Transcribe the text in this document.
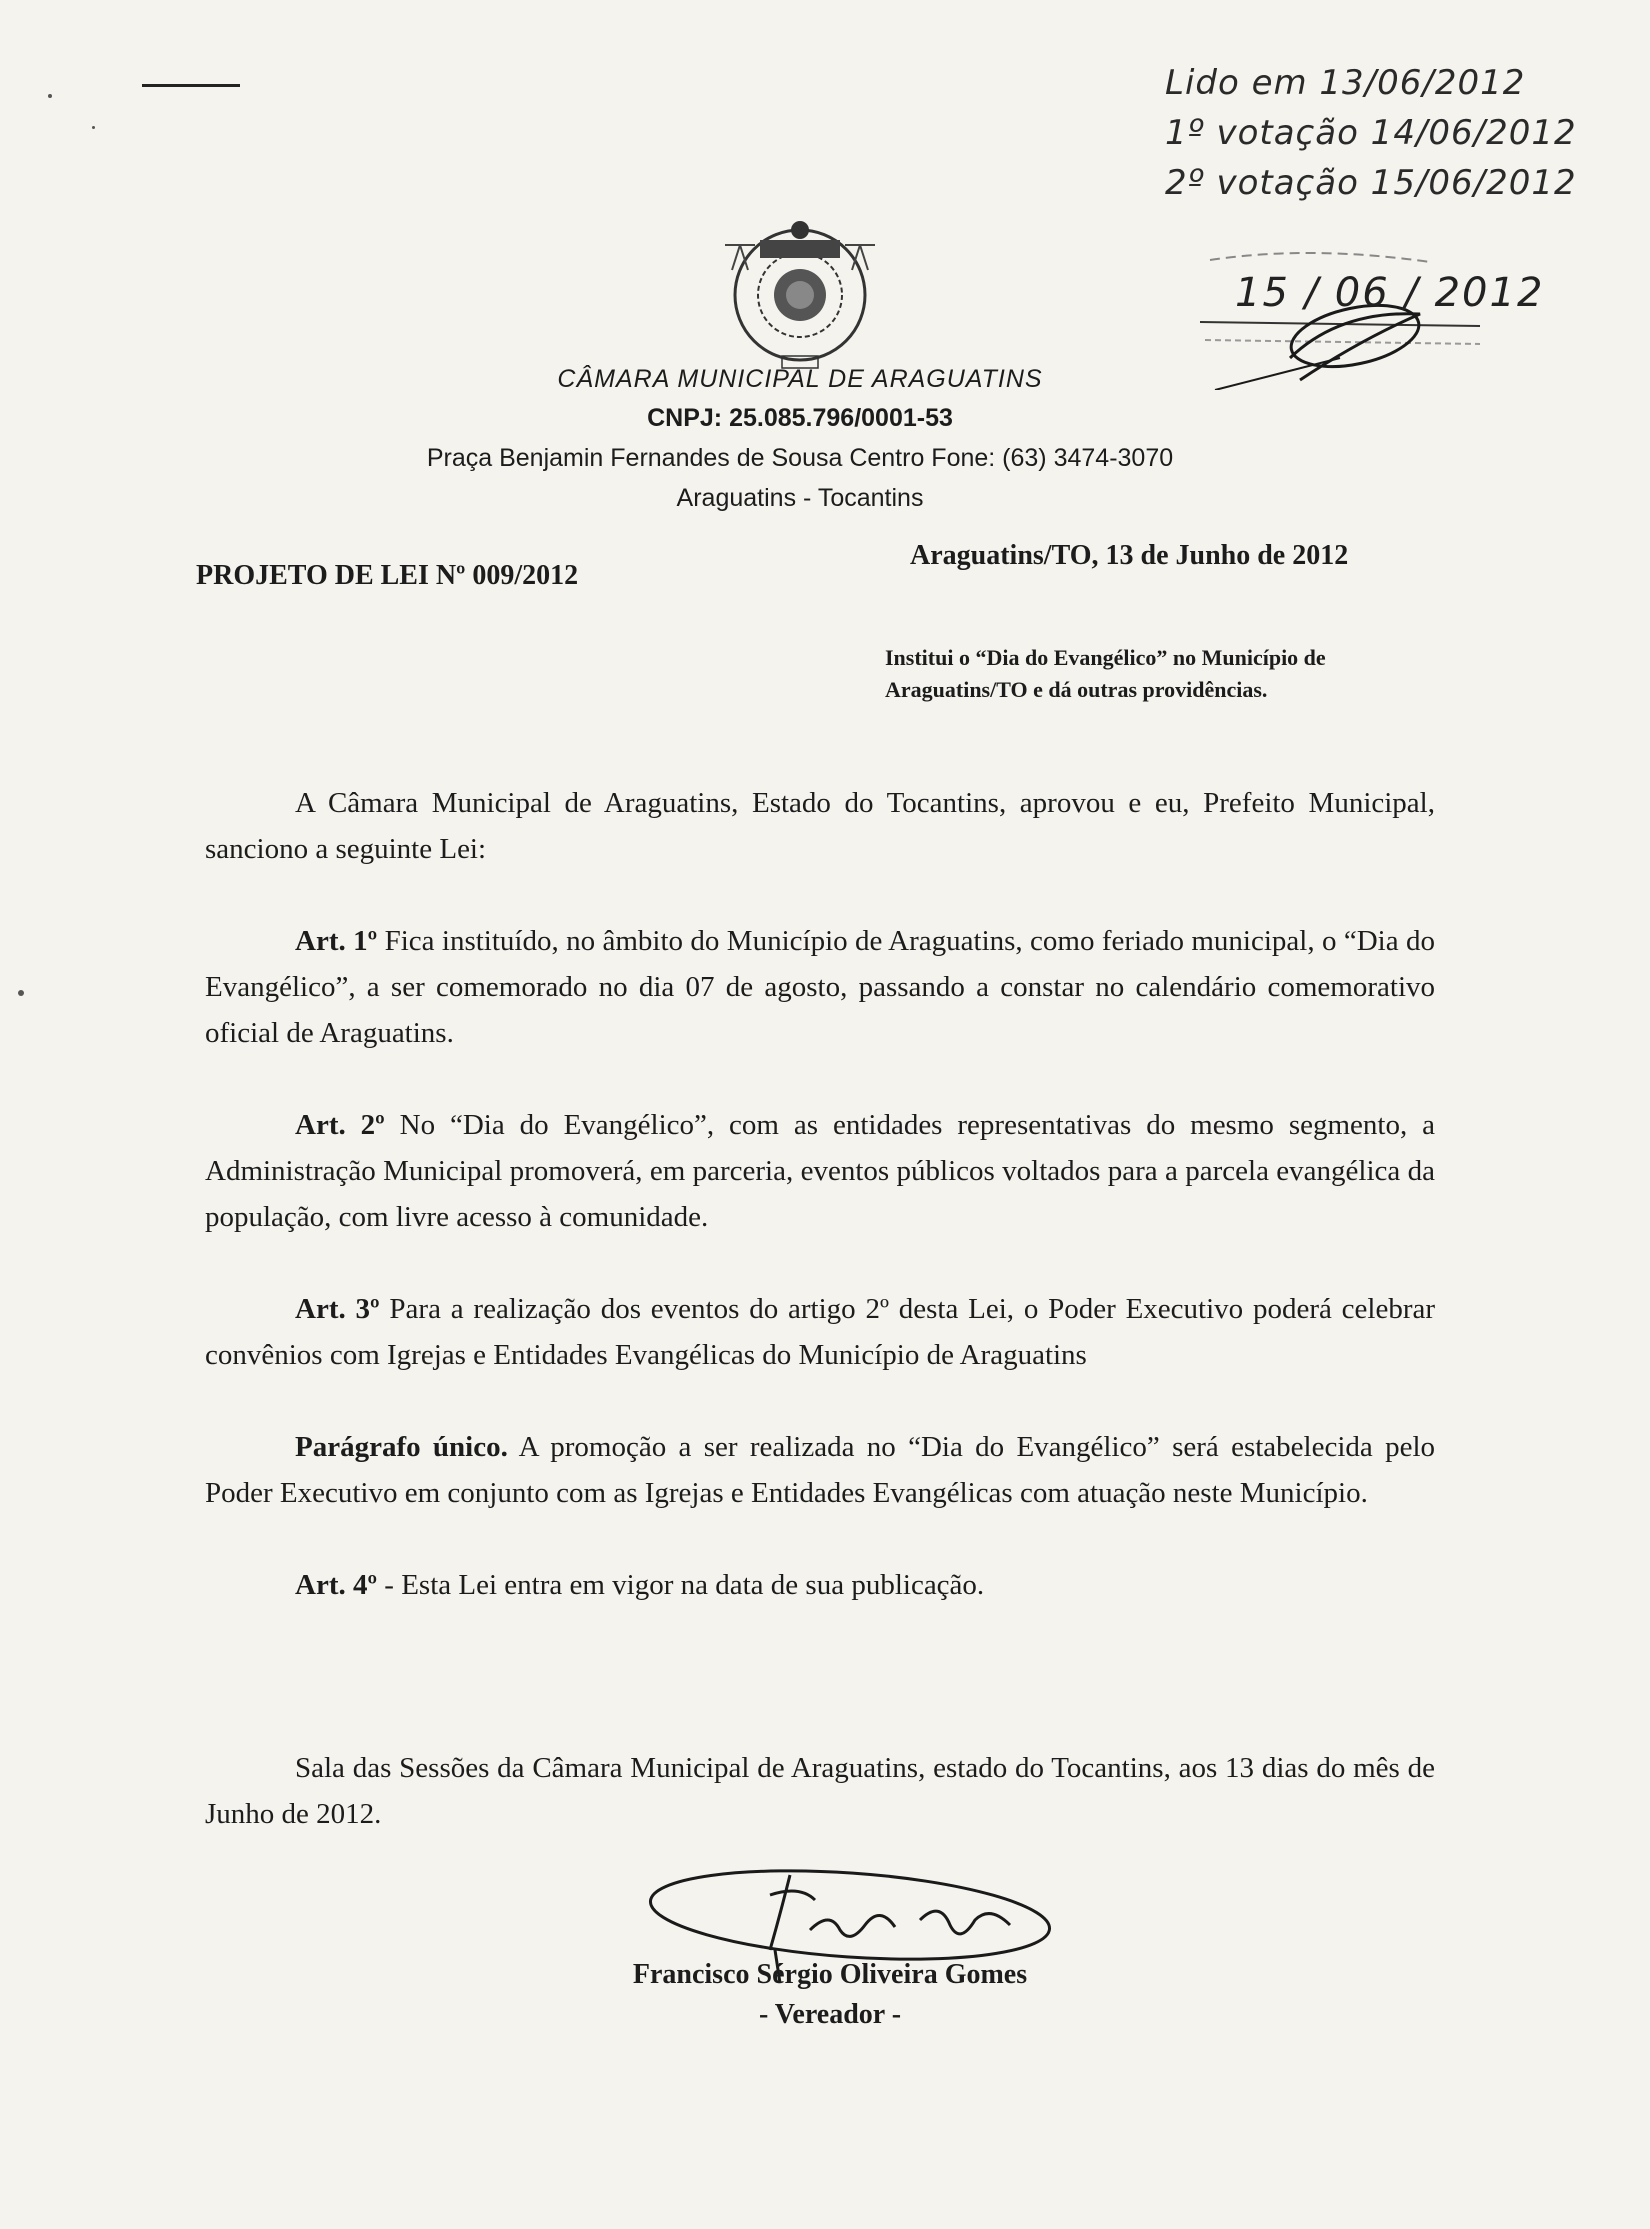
Lido em 13/06/2012
1º votação 14/06/2012
2º votação 15/06/2012
15 / 06 / 2012
CÂMARA MUNICIPAL DE ARAGUATINS
CNPJ: 25.085.796/0001-53
Praça Benjamin Fernandes de Sousa Centro Fone: (63) 3474-3070
Araguatins - Tocantins
PROJETO DE LEI Nº 009/2012
Araguatins/TO, 13 de Junho de 2012
Institui o “Dia do Evangélico” no Município de Araguatins/TO e dá outras providências.

A Câmara Municipal de Araguatins, Estado do Tocantins, aprovou e eu, Prefeito Municipal, sanciono a seguinte Lei:

Art. 1º Fica instituído, no âmbito do Município de Araguatins, como feriado municipal, o “Dia do Evangélico”, a ser comemorado no dia 07 de agosto, passando a constar no calendário comemorativo oficial de Araguatins.

Art. 2º No “Dia do Evangélico”, com as entidades representativas do mesmo segmento, a Administração Municipal promoverá, em parceria, eventos públicos voltados para a parcela evangélica da população, com livre acesso à comunidade.

Art. 3º Para a realização dos eventos do artigo 2º desta Lei, o Poder Executivo poderá celebrar convênios com Igrejas e Entidades Evangélicas do Município de Araguatins

Parágrafo único. A promoção a ser realizada no “Dia do Evangélico” será estabelecida pelo Poder Executivo em conjunto com as Igrejas e Entidades Evangélicas com atuação neste Município.

Art. 4º - Esta Lei entra em vigor na data de sua publicação.

Sala das Sessões da Câmara Municipal de Araguatins, estado do Tocantins, aos 13 dias do mês de Junho de 2012.

Francisco Sérgio Oliveira Gomes
- Vereador -
